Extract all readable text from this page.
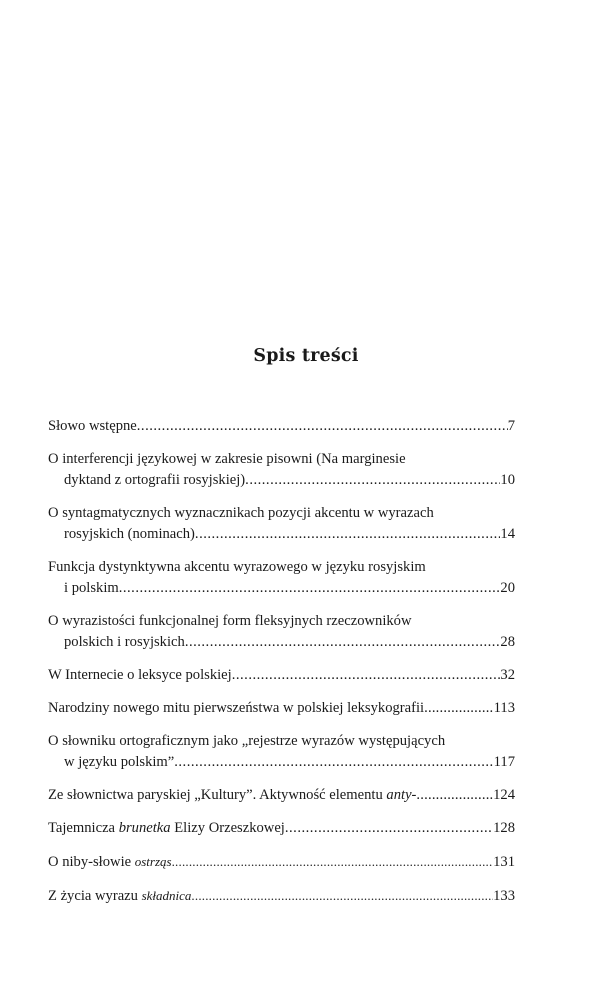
Spis treści
Słowo wstępne .....	7
O interferencji językowej w zakresie pisowni (Na marginesie
dyktand z ortografii rosyjskiej) .....	10
O syntagmatycznych wyznacznikach pozycji akcentu w wyrazach
rosyjskich (nominach) .....	14
Funkcja dystynktywna akcentu wyrazowego w języku rosyjskim
i polskim .....	20
O wyrazistości funkcjonalnej form fleksyjnych rzeczowników
polskich i rosyjskich .....	28
W Internecie o leksyce polskiej .....	32
Narodziny nowego mitu pierwszeństwa w polskiej leksykografii .....	113
O słowniku ortograficznym jako „rejestrze wyrazów występujących
w języku polskim” .....	117
Ze słownictwa paryskiej „Kultury”. Aktywność elementu anty- .....	124
Tajemnicza brunetka Elizy Orzeszkowej .....	128
O niby-słowie ostrząs .....	131
Z życia wyrazu składnica .....	133
